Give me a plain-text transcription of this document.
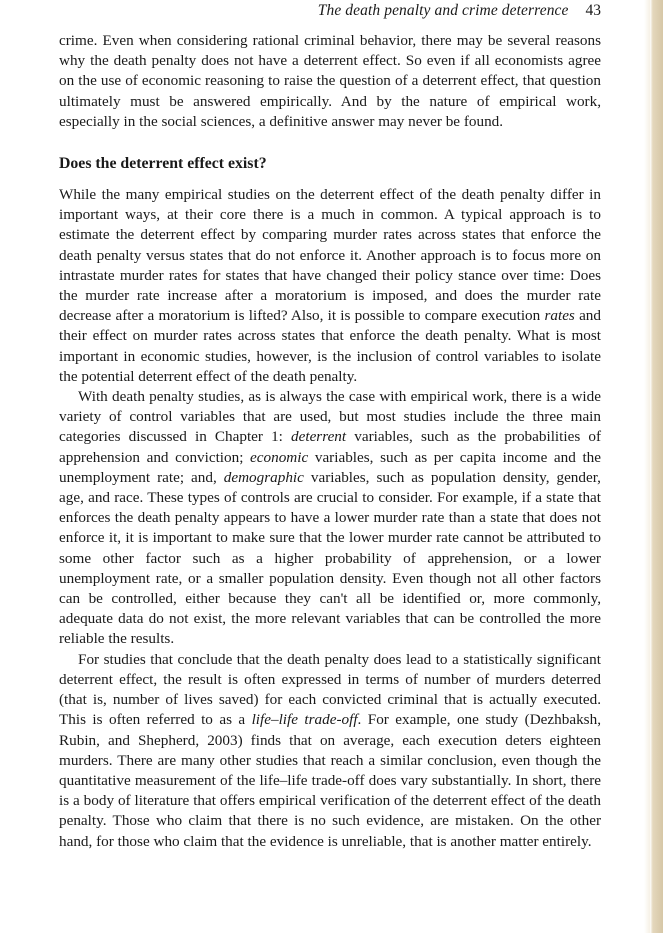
The death penalty and crime deterrence 43

crime. Even when considering rational criminal behavior, there may be several reasons why the death penalty does not have a deterrent effect. So even if all economists agree on the use of economic reasoning to raise the question of a deterrent effect, that question ultimately must be answered empirically. And by the nature of empirical work, especially in the social sciences, a definitive answer may never be found.

Does the deterrent effect exist?

While the many empirical studies on the deterrent effect of the death penalty differ in important ways, at their core there is a much in common. A typical approach is to estimate the deterrent effect by comparing murder rates across states that enforce the death penalty versus states that do not enforce it. Another approach is to focus more on intrastate murder rates for states that have changed their policy stance over time: Does the murder rate increase after a moratorium is imposed, and does the murder rate decrease after a moratorium is lifted? Also, it is possible to compare execution rates and their effect on murder rates across states that enforce the death penalty. What is most important in economic studies, however, is the inclusion of control variables to isolate the potential deterrent effect of the death penalty.

With death penalty studies, as is always the case with empirical work, there is a wide variety of control variables that are used, but most studies include the three main categories discussed in Chapter 1: deterrent variables, such as the probabilities of apprehension and conviction; economic variables, such as per capita income and the unemployment rate; and, demographic variables, such as population density, gender, age, and race. These types of controls are crucial to consider. For example, if a state that enforces the death penalty appears to have a lower murder rate than a state that does not enforce it, it is important to make sure that the lower murder rate cannot be attributed to some other factor such as a higher probability of apprehension, or a lower unemployment rate, or a smaller population density. Even though not all other factors can be controlled, either because they can't all be identified or, more commonly, adequate data do not exist, the more relevant variables that can be controlled the more reliable the results.

For studies that conclude that the death penalty does lead to a statistically significant deterrent effect, the result is often expressed in terms of number of murders deterred (that is, number of lives saved) for each convicted criminal that is actually executed. This is often referred to as a life–life trade-off. For example, one study (Dezhbaksh, Rubin, and Shepherd, 2003) finds that on average, each execution deters eighteen murders. There are many other studies that reach a similar conclusion, even though the quantitative measurement of the life–life trade-off does vary substantially. In short, there is a body of literature that offers empirical verification of the deterrent effect of the death penalty. Those who claim that there is no such evidence, are mistaken. On the other hand, for those who claim that the evidence is unreliable, that is another matter entirely.
